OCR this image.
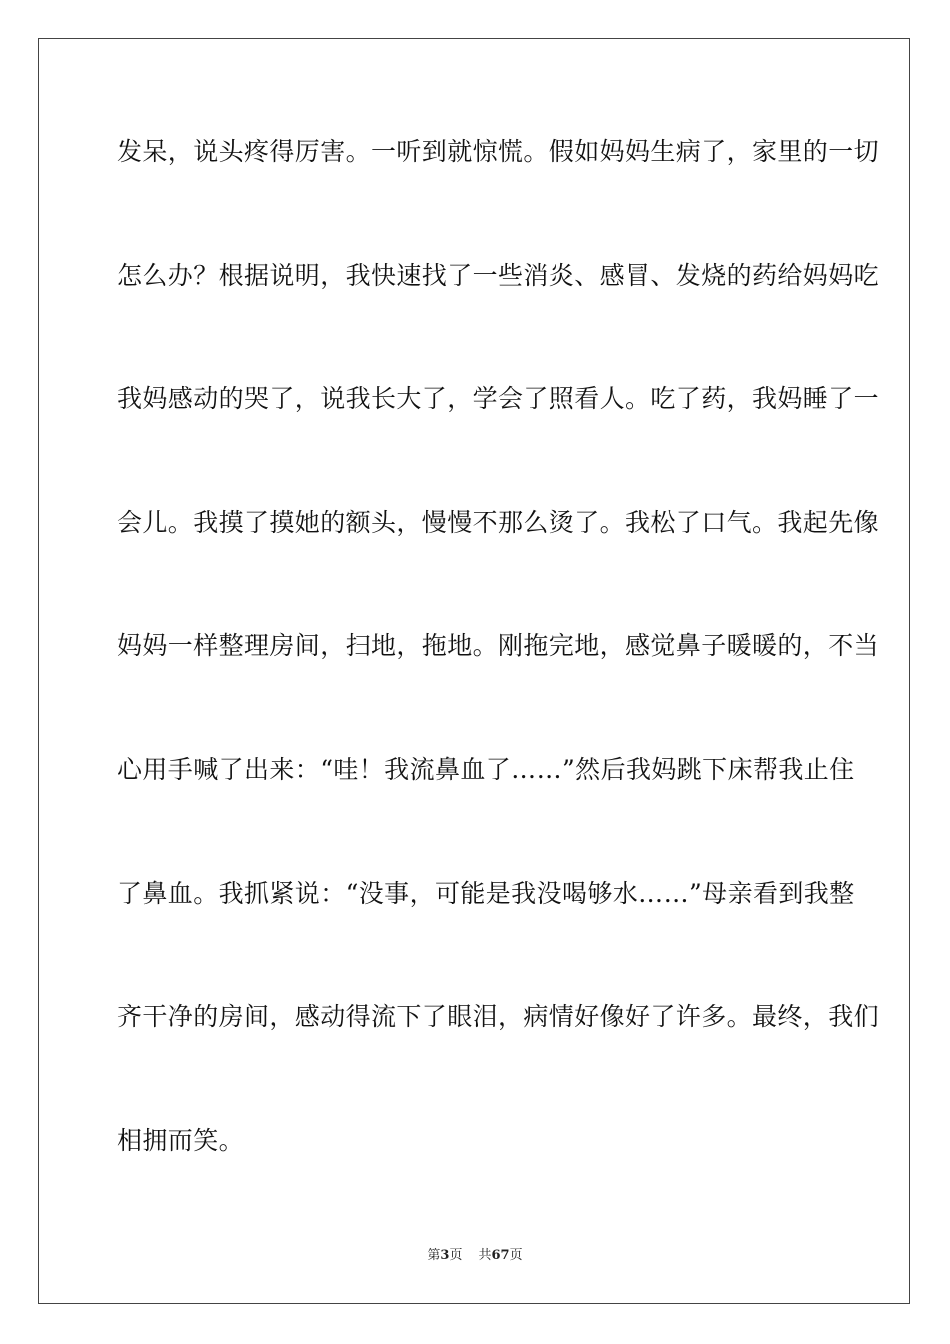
发呆，说头疼得厉害。一听到就惊慌。假如妈妈生病了，家里的一切
怎么办？根据说明，我快速找了一些消炎、感冒、发烧的药给妈妈吃
我妈感动的哭了，说我长大了，学会了照看人。吃了药，我妈睡了一
会儿。我摸了摸她的额头，慢慢不那么烫了。我松了口气。我起先像
妈妈一样整理房间，扫地，拖地。刚拖完地，感觉鼻子暖暖的，不当
心用手喊了出来：“哇！我流鼻血了……”然后我妈跳下床帮我止住
了鼻血。我抓紧说：“没事，可能是我没喝够水……”母亲看到我整
齐干净的房间，感动得流下了眼泪，病情好像好了许多。最终，我们
相拥而笑。
第3页 共67页
